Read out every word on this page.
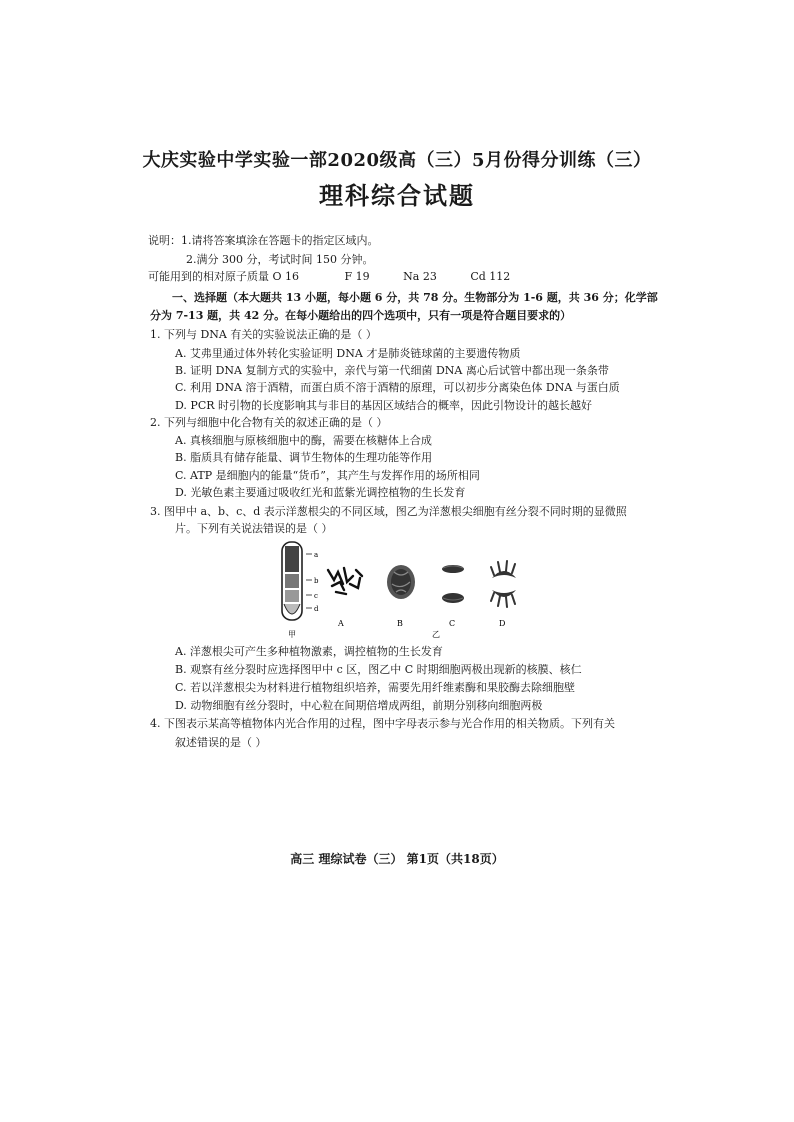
大庆实验中学实验一部2020级高（三）5月份得分训练（三）
理科综合试题
说明：1.请将答案填涂在答题卡的指定区域内。
2.满分 300 分，考试时间 150 分钟。
可能用到的相对原子质量 O 16	F 19	Na 23	Cd 112
一、选择题（本大题共 13 小题，每小题 6 分，共 78 分。生物部分为 1-6 题，共 36 分；化学部
分为 7-13 题，共 42 分。在每小题给出的四个选项中，只有一项是符合题目要求的）
1. 下列与 DNA 有关的实验说法正确的是（ ）
A. 艾弗里通过体外转化实验证明 DNA 才是肺炎链球菌的主要遗传物质
B. 证明 DNA 复制方式的实验中，亲代与第一代细菌 DNA 离心后试管中都出现一条条带
C. 利用 DNA 溶于酒精，而蛋白质不溶于酒精的原理，可以初步分离染色体 DNA 与蛋白质
D. PCR 时引物的长度影响其与非目的基因区域结合的概率，因此引物设计的越长越好
2. 下列与细胞中化合物有关的叙述正确的是（ ）
A. 真核细胞与原核细胞中的酶，需要在核糖体上合成
B. 脂质具有储存能量、调节生物体的生理功能等作用
C. ATP 是细胞内的能量“货币”，其产生与发挥作用的场所相同
D. 光敏色素主要通过吸收红光和蓝紫光调控植物的生长发育
3. 图甲中 a、b、c、d 表示洋葱根尖的不同区域，图乙为洋葱根尖细胞有丝分裂不同时期的显微照
片。下列有关说法错误的是（ ）
a
b
c
d
A	B	C	D
甲	乙
A. 洋葱根尖可产生多种植物激素，调控植物的生长发育
B. 观察有丝分裂时应选择图甲中 c 区，图乙中 C 时期细胞两极出现新的核膜、核仁
C. 若以洋葱根尖为材料进行植物组织培养，需要先用纤维素酶和果胶酶去除细胞壁
D. 动物细胞有丝分裂时，中心粒在间期倍增成两组，前期分别移向细胞两极
4. 下图表示某高等植物体内光合作用的过程，图中字母表示参与光合作用的相关物质。下列有关
叙述错误的是（ ）
高三 理综试卷（三） 第1页（共18页）
